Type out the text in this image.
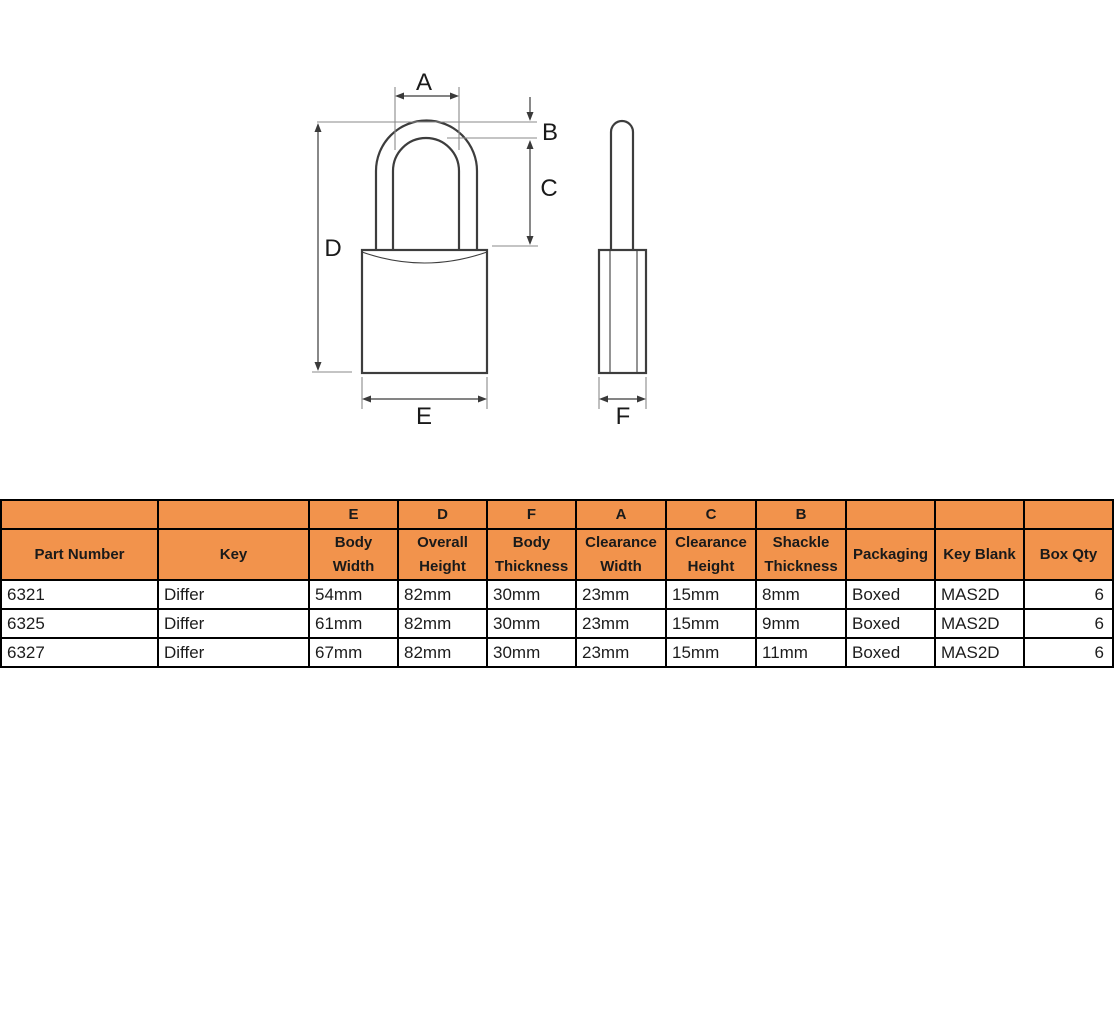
A
B
C
D
E	F
		E	D	F	A	C	B			
Part Number	Key	Body Width	Overall Height	Body Thickness	Clearance Width	Clearance Height	Shackle Thickness	Packaging	Key Blank	Box Qty
6321	Differ	54mm	82mm	30mm	23mm	15mm	8mm	Boxed	MAS2D	6
6325	Differ	61mm	82mm	30mm	23mm	15mm	9mm	Boxed	MAS2D	6
6327	Differ	67mm	82mm	30mm	23mm	15mm	11mm	Boxed	MAS2D	6
